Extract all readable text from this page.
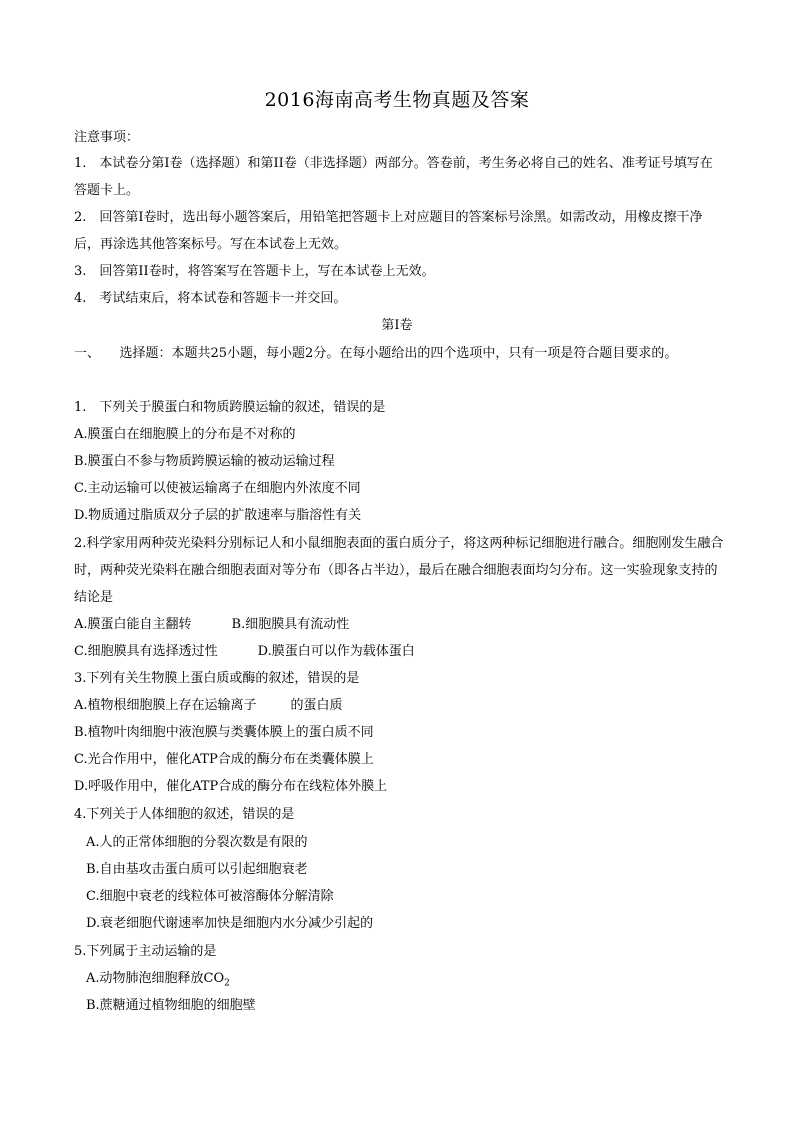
2016海南高考生物真题及答案
注意事项：
1.　本试卷分第Ⅰ卷（选择题）和第II卷（非选择题）两部分。答卷前，考生务必将自己的姓名、准考证号填写在答题卡上。
2.　回答第Ⅰ卷时，选出每小题答案后，用铅笔把答题卡上对应题目的答案标号涂黑。如需改动，用橡皮擦干净后，再涂选其他答案标号。写在本试卷上无效。
3.　回答第II卷时，将答案写在答题卡上，写在本试卷上无效。
4.　考试结束后，将本试卷和答题卡一并交回。
第Ⅰ卷
一、　　选择题：本题共25小题，每小题2分。在每小题给出的四个选项中，只有一项是符合题目要求的。
1.　下列关于膜蛋白和物质跨膜运输的叙述，错误的是
A.膜蛋白在细胞膜上的分布是不对称的
B.膜蛋白不参与物质跨膜运输的被动运输过程
C.主动运输可以使被运输离子在细胞内外浓度不同
D.物质通过脂质双分子层的扩散速率与脂溶性有关
2.科学家用两种荧光染料分别标记人和小鼠细胞表面的蛋白质分子，将这两种标记细胞进行融合。细胞刚发生融合时，两种荧光染料在融合细胞表面对等分布（即各占半边），最后在融合细胞表面均匀分布。这一实验现象支持的结论是
A.膜蛋白能自主翻转	B.细胞膜具有流动性
C.细胞膜具有选择透过性	D.膜蛋白可以作为载体蛋白
3.下列有关生物膜上蛋白质或酶的叙述，错误的是
A.植物根细胞膜上存在运输离子	的蛋白质
B.植物叶肉细胞中液泡膜与类囊体膜上的蛋白质不同
C.光合作用中，催化ATP合成的酶分布在类囊体膜上
D.呼吸作用中，催化ATP合成的酶分布在线粒体外膜上
4.下列关于人体细胞的叙述，错误的是
A.人的正常体细胞的分裂次数是有限的
B.自由基攻击蛋白质可以引起细胞衰老
C.细胞中衰老的线粒体可被溶酶体分解清除
D.衰老细胞代谢速率加快是细胞内水分减少引起的
5.下列属于主动运输的是
A.动物肺泡细胞释放$CO_2$
B.蔗糖通过植物细胞的细胞壁
